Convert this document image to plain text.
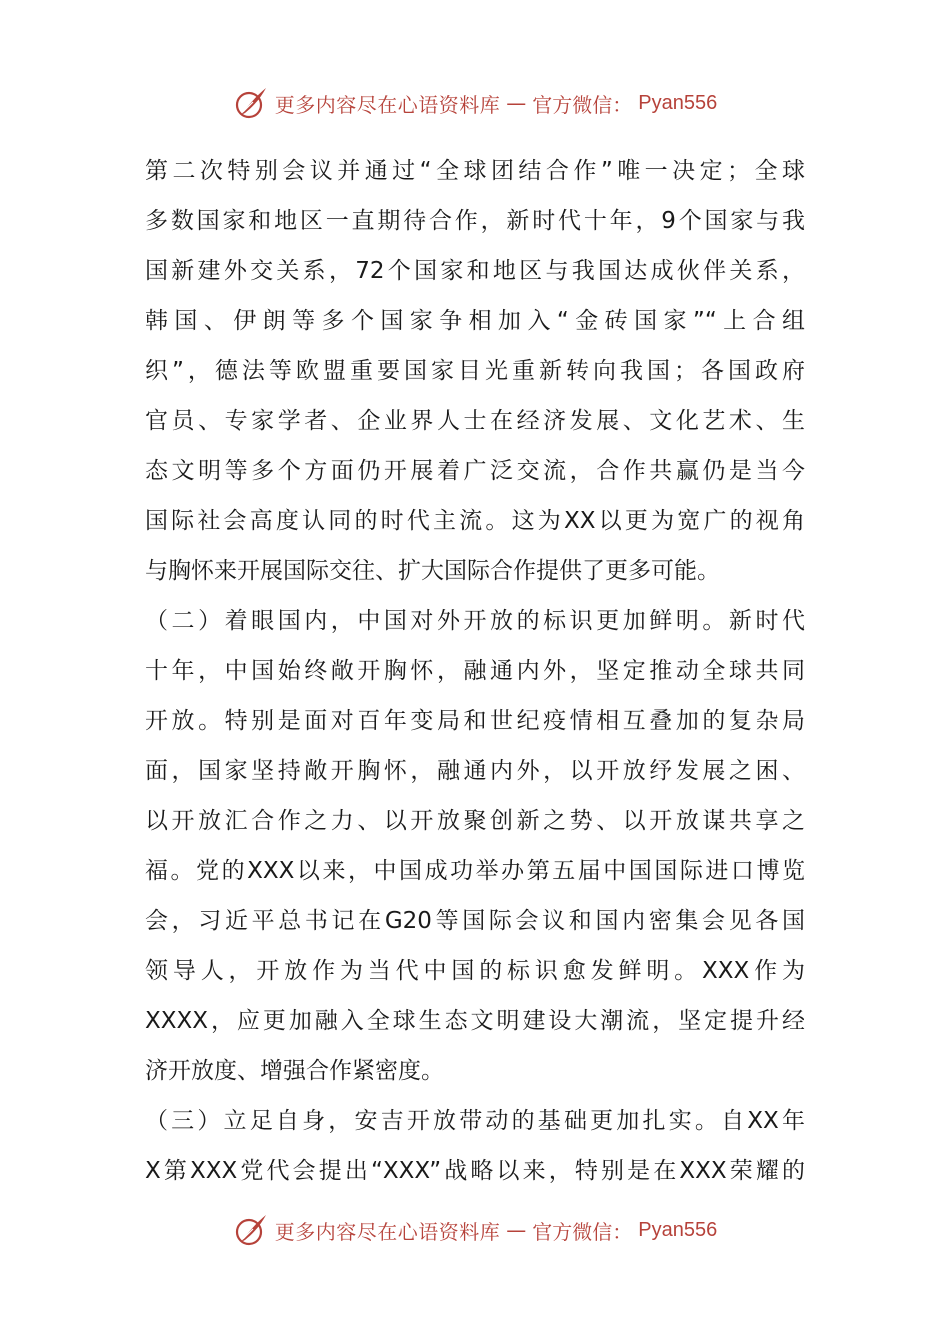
更多内容尽在心语资料库 — 官方微信： Pyan556
第二次特别会议并通过“全球团结合作”唯一决定；全球
多数国家和地区一直期待合作，新时代十年，9个国家与我
国新建外交关系，72个国家和地区与我国达成伙伴关系，
韩国、伊朗等多个国家争相加入“金砖国家”“上合组
织”，德法等欧盟重要国家目光重新转向我国；各国政府
官员、专家学者、企业界人士在经济发展、文化艺术、生
态文明等多个方面仍开展着广泛交流，合作共赢仍是当今
国际社会高度认同的时代主流。这为XX以更为宽广的视角
与胸怀来开展国际交往、扩大国际合作提供了更多可能。
（二）着眼国内，中国对外开放的标识更加鲜明。新时代
十年，中国始终敞开胸怀，融通内外，坚定推动全球共同
开放。特别是面对百年变局和世纪疫情相互叠加的复杂局
面，国家坚持敞开胸怀，融通内外，以开放纾发展之困、
以开放汇合作之力、以开放聚创新之势、以开放谋共享之
福。党的XXX以来，中国成功举办第五届中国国际进口博览
会，习近平总书记在G20等国际会议和国内密集会见各国
领导人，开放作为当代中国的标识愈发鲜明。XXX作为
XXXX，应更加融入全球生态文明建设大潮流，坚定提升经
济开放度、增强合作紧密度。
（三）立足自身，安吉开放带动的基础更加扎实。自XX年
X第XXX党代会提出“XXX”战略以来，特别是在XXX荣耀的
更多内容尽在心语资料库 — 官方微信： Pyan556
